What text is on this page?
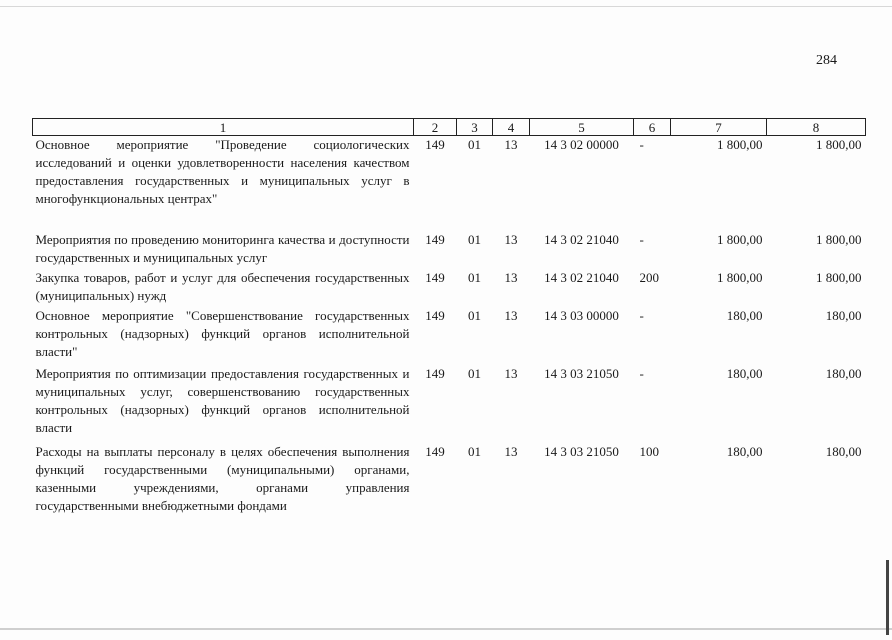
284
1	2	3	4	5	6	7	8
Основное мероприятие "Проведение социологических исследований и оценки удовлетворенности населения качеством предоставления государственных и муниципальных услуг в многофункциональных центрах"	149	01	13	14 3 02 00000	-	1 800,00	1 800,00
Мероприятия по проведению мониторинга качества и доступности государственных и муниципальных услуг	149	01	13	14 3 02 21040	-	1 800,00	1 800,00
Закупка товаров, работ и услуг для обеспечения государственных (муниципальных) нужд	149	01	13	14 3 02 21040	200	1 800,00	1 800,00
Основное мероприятие "Совершенствование государственных контрольных (надзорных) функций органов исполнительной власти"	149	01	13	14 3 03 00000	-	180,00	180,00
Мероприятия по оптимизации предоставления государственных и муниципальных услуг, совершенствованию государственных контрольных (надзорных) функций органов исполнительной власти	149	01	13	14 3 03 21050	-	180,00	180,00
Расходы на выплаты персоналу в целях обеспечения выполнения функций государственными (муниципальными) органами, казенными учреждениями, органами управления государственными внебюджетными фондами	149	01	13	14 3 03 21050	100	180,00	180,00
